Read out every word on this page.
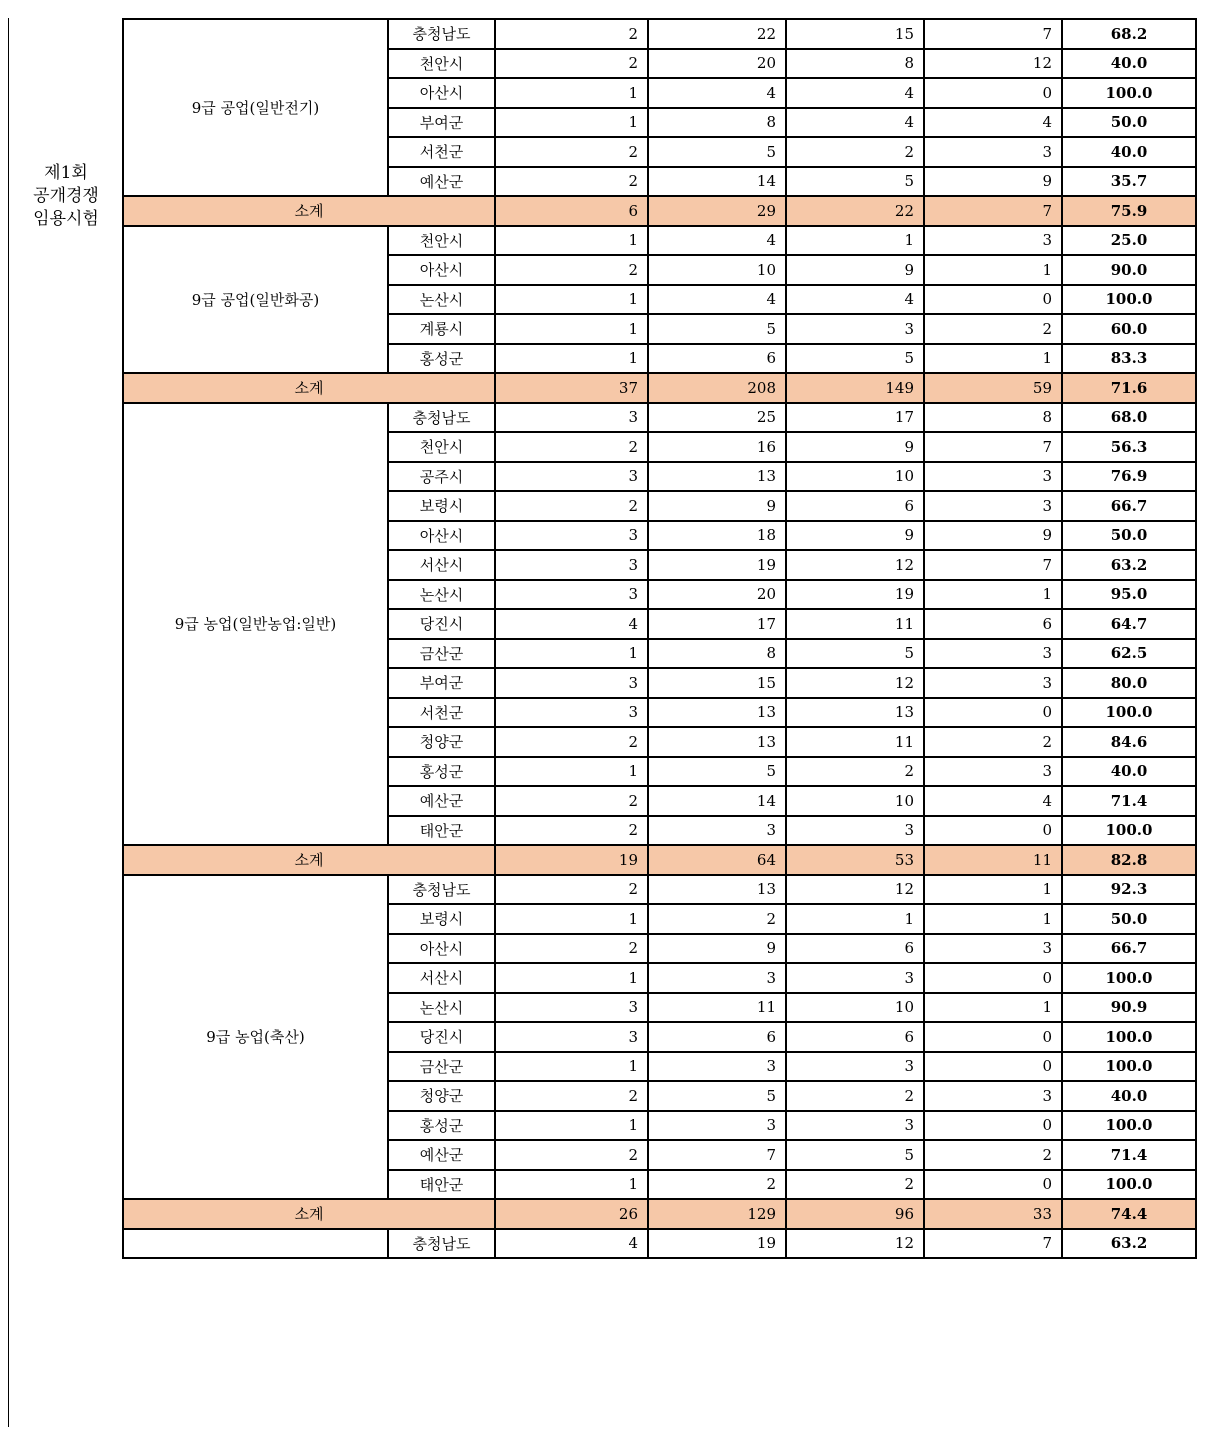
제1회
공개경쟁
임용시험
9급 공업(일반전기)	충청남도	2	22	15	7	68.2
	천안시	2	20	8	12	40.0
	아산시	1	4	4	0	100.0
	부여군	1	8	4	4	50.0
	서천군	2	5	2	3	40.0
	예산군	2	14	5	9	35.7
소계		6	29	22	7	75.9
9급 공업(일반화공)	천안시	1	4	1	3	25.0
	아산시	2	10	9	1	90.0
	논산시	1	4	4	0	100.0
	계룡시	1	5	3	2	60.0
	홍성군	1	6	5	1	83.3
소계		37	208	149	59	71.6
9급 농업(일반농업:일반)	충청남도	3	25	17	8	68.0
	천안시	2	16	9	7	56.3
	공주시	3	13	10	3	76.9
	보령시	2	9	6	3	66.7
	아산시	3	18	9	9	50.0
	서산시	3	19	12	7	63.2
	논산시	3	20	19	1	95.0
	당진시	4	17	11	6	64.7
	금산군	1	8	5	3	62.5
	부여군	3	15	12	3	80.0
	서천군	3	13	13	0	100.0
	청양군	2	13	11	2	84.6
	홍성군	1	5	2	3	40.0
	예산군	2	14	10	4	71.4
	태안군	2	3	3	0	100.0
소계		19	64	53	11	82.8
9급 농업(축산)	충청남도	2	13	12	1	92.3
	보령시	1	2	1	1	50.0
	아산시	2	9	6	3	66.7
	서산시	1	3	3	0	100.0
	논산시	3	11	10	1	90.9
	당진시	3	6	6	0	100.0
	금산군	1	3	3	0	100.0
	청양군	2	5	2	3	40.0
	홍성군	1	3	3	0	100.0
	예산군	2	7	5	2	71.4
	태안군	1	2	2	0	100.0
소계		26	129	96	33	74.4
	충청남도	4	19	12	7	63.2
